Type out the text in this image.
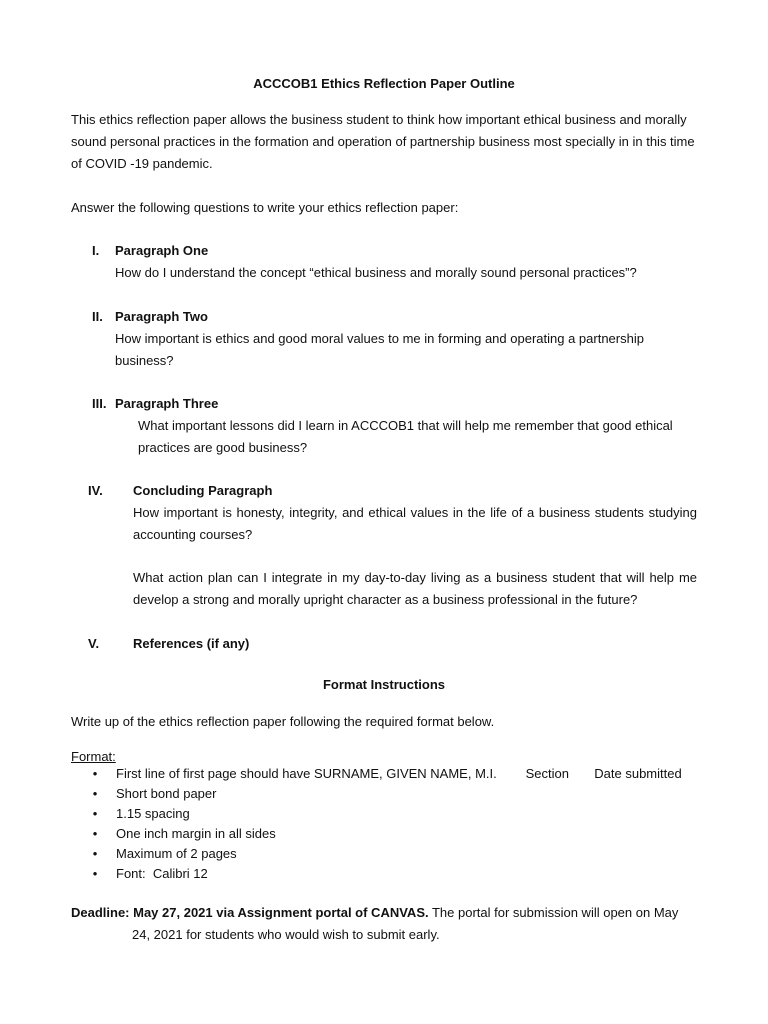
ACCCOB1 Ethics Reflection Paper Outline
This ethics reflection paper allows the business student to think how important ethical business and morally sound personal practices in the formation and operation of partnership business most specially in in this time of COVID -19 pandemic.
Answer the following questions to write your ethics reflection paper:
I.	Paragraph One
How do I understand the concept “ethical business and morally sound personal practices”?
II. Paragraph Two
How important is ethics and good moral values to me in forming and operating a partnership business?
III. Paragraph Three
What important lessons did I learn in ACCCOB1 that will help me remember that good ethical practices are good business?
IV.	Concluding Paragraph
How important is honesty, integrity, and ethical values in the life of a business students studying accounting courses?
What action plan can I integrate in my day-to-day living as a business student that will help me develop a strong and morally upright character as a business professional in the future?
V.	References (if any)
Format Instructions
Write up of the ethics reflection paper following the required format below.
Format:
• First line of first page should have SURNAME, GIVEN NAME, M.I.        Section       Date submitted
• Short bond paper
• 1.15 spacing
• One inch margin in all sides
• Maximum of 2 pages
• Font:  Calibri 12
Deadline: May 27, 2021 via Assignment portal of CANVAS. The portal for submission will open on May
24, 2021 for students who would wish to submit early.
